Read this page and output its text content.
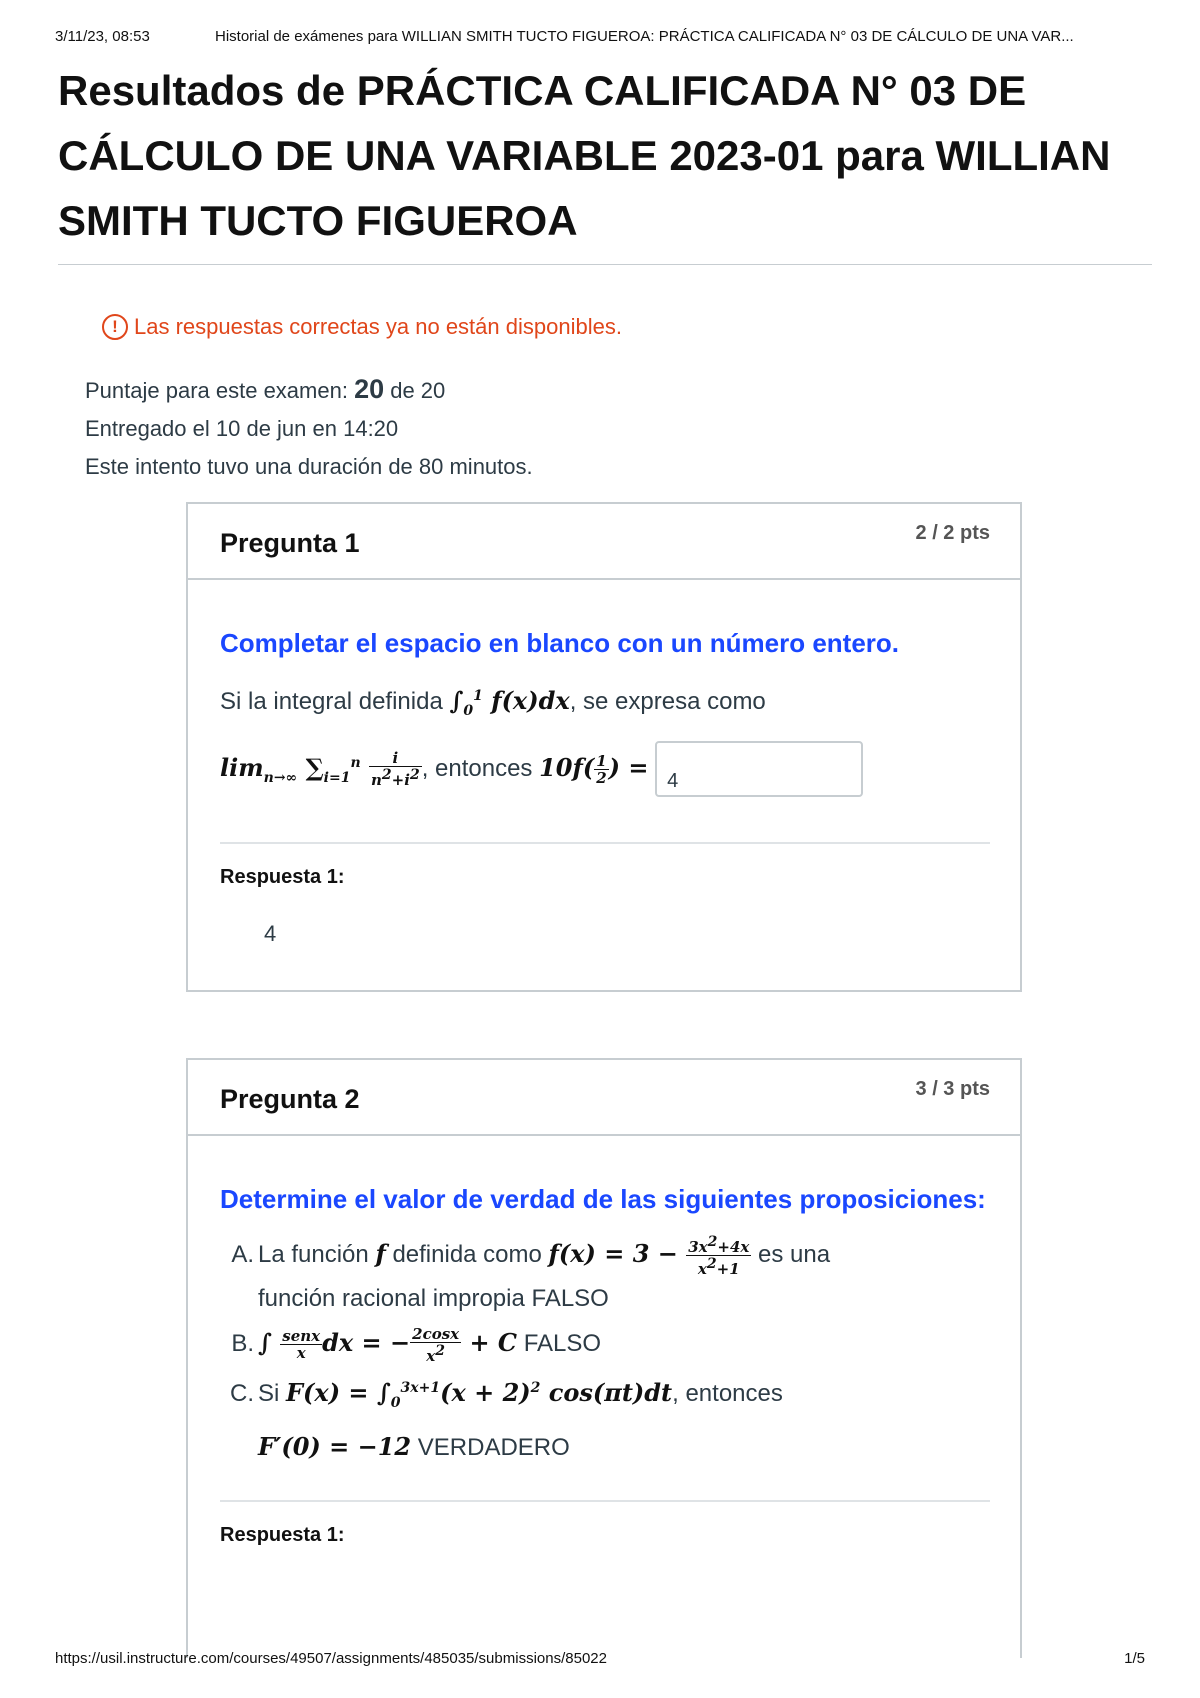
3/11/23, 08:53	Historial de exámenes para WILLIAN SMITH TUCTO FIGUEROA: PRÁCTICA CALIFICADA N° 03 DE CÁLCULO DE UNA VAR...
Resultados de PRÁCTICA CALIFICADA N° 03 DE CÁLCULO DE UNA VARIABLE 2023-01 para WILLIAN SMITH TUCTO FIGUEROA
! Las respuestas correctas ya no están disponibles.
Puntaje para este examen: 20 de 20
Entregado el 10 de jun en 14:20
Este intento tuvo una duración de 80 minutos.
Pregunta 1	2 / 2 pts
Completar el espacio en blanco con un número entero.
Si la integral definida $\int_0^1$ f(x)dx, se expresa como
$\lim_{n\to\infty} \sum_{i=1}^n \frac{i}{n^2+i^2}$ , entonces $10f( \frac{1}{2}$ ) = 4
Respuesta 1:
4
Pregunta 2	3 / 3 pts
Determine el valor de verdad de las siguientes proposiciones:
A. La función f definida como $f(x) = 3 - \frac{3x^2+4x}{x^2+1}$ es una
función racional impropia FALSO
B. ∫ $\frac{\text{senx}}{x}$ dx = − $\frac{2\cos x}{x^2} + C$ FALSO
C. Si $F(x) = \int_0^{3x+1}(x + 2)^2$ cos(πt)dt, entonces
F′(0) = −12 VERDADERO
Respuesta 1:
https://usil.instructure.com/courses/49507/assignments/485035/submissions/85022	1/5
